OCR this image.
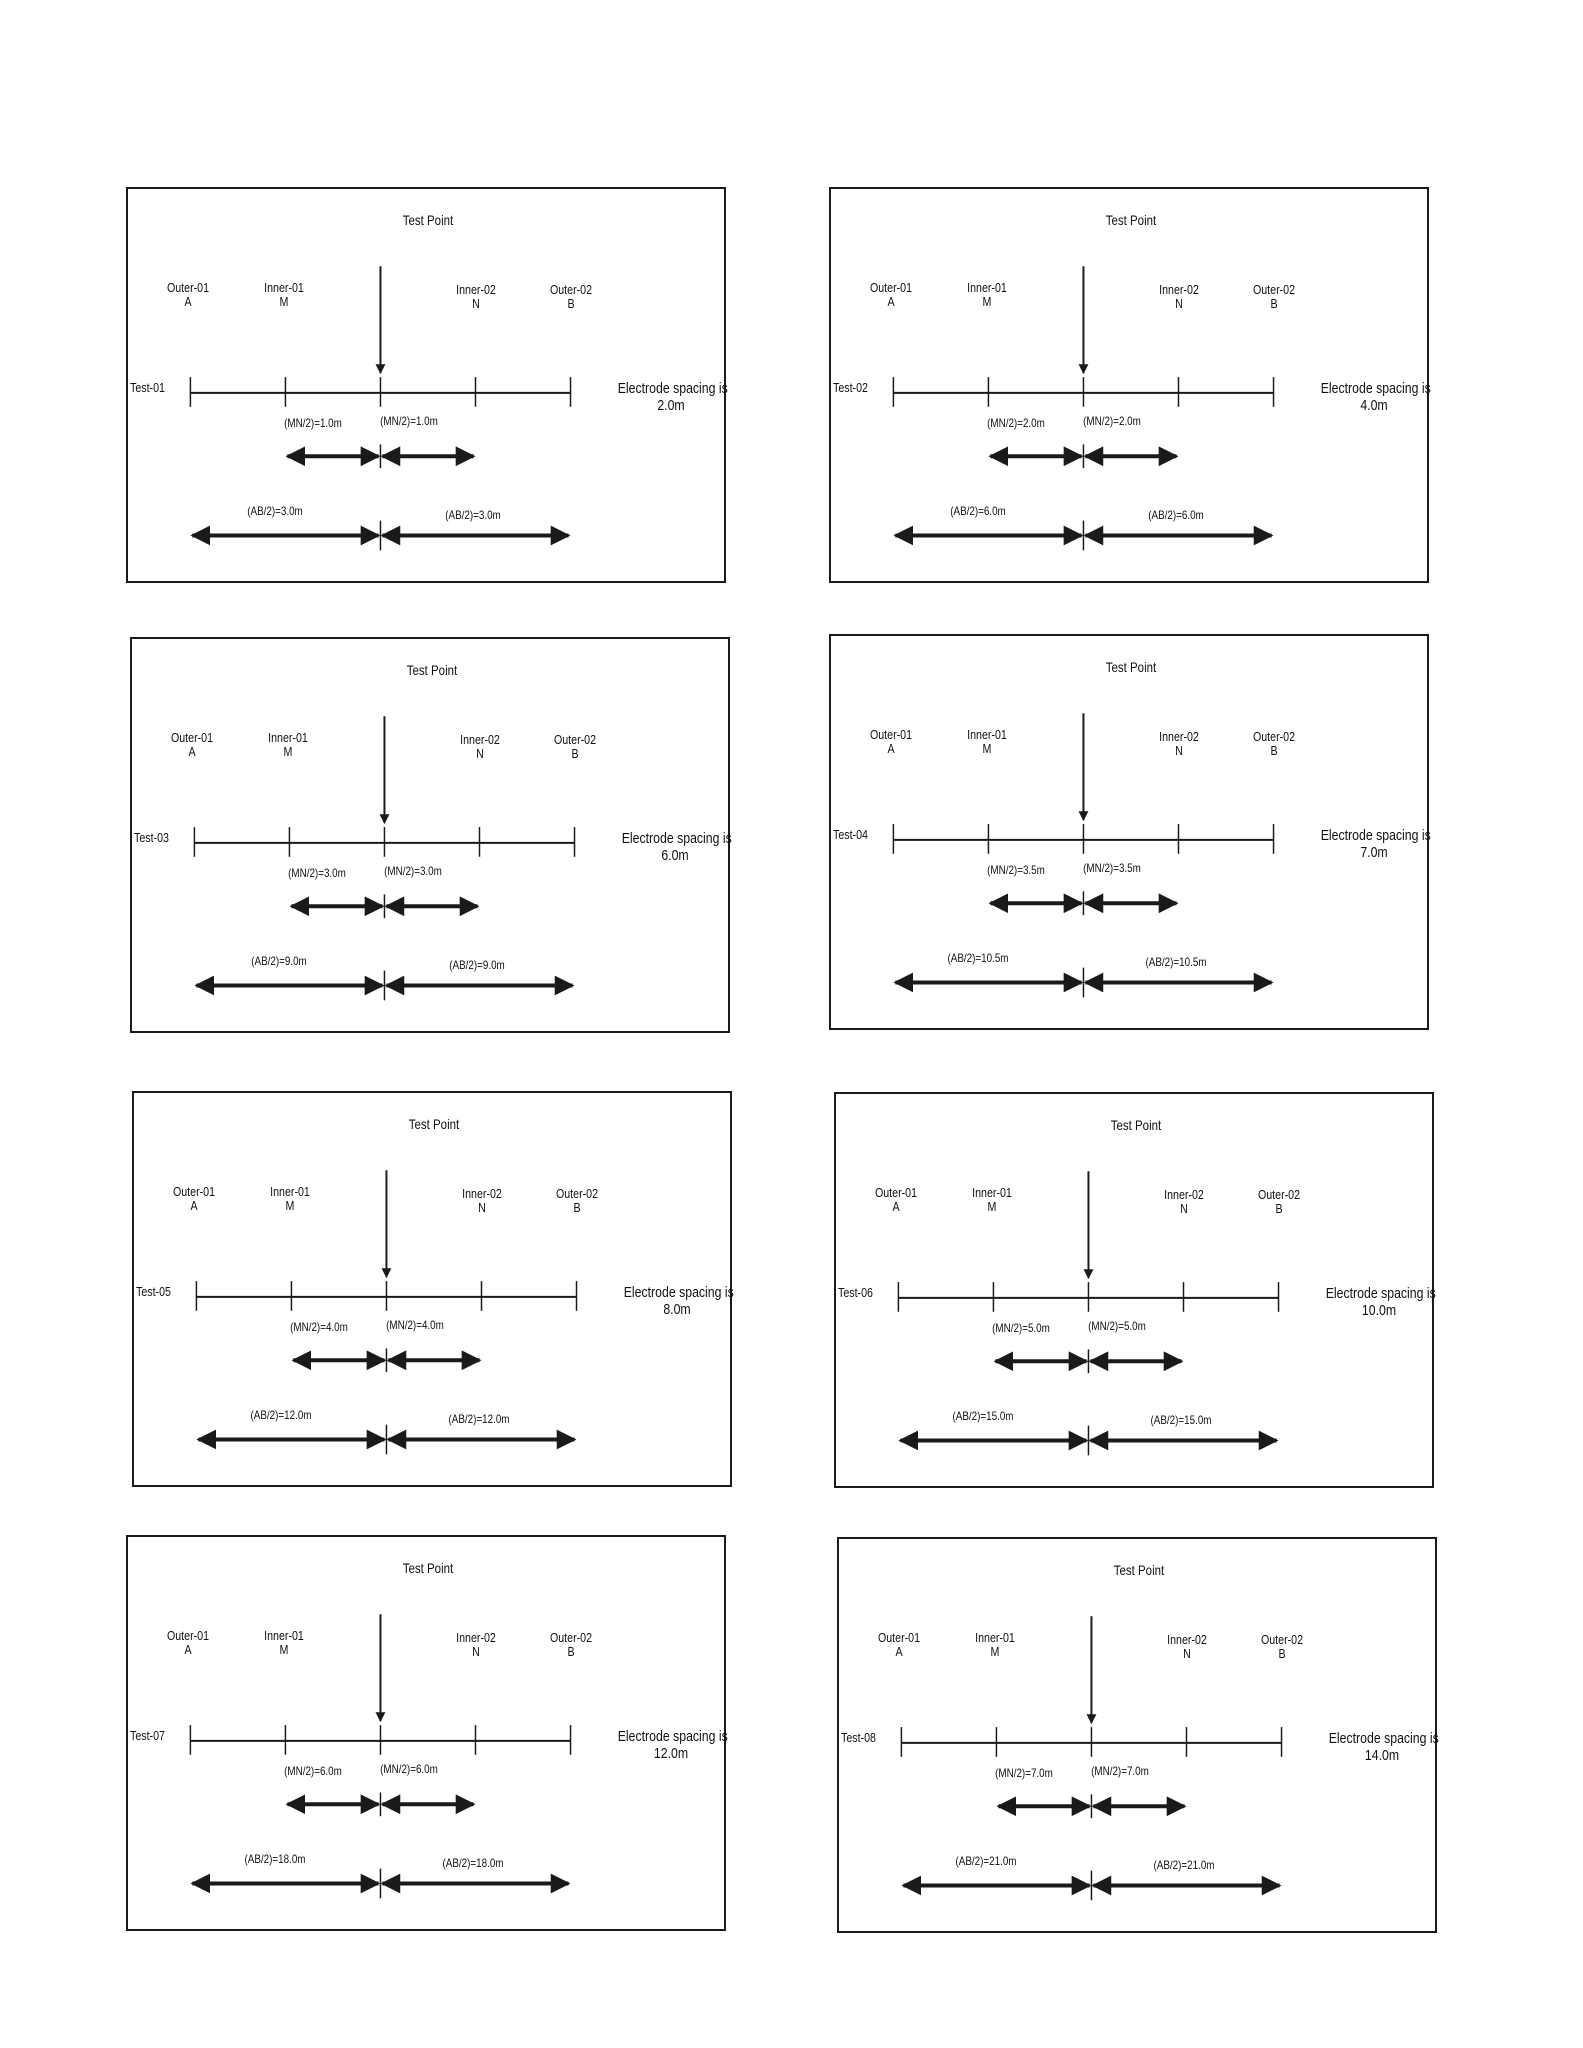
Test Point
Outer-01
A
Inner-01
M
Inner-02
N
Outer-02
B
Test-01	Electrode spacing is
2.0m
(MN/2)=1.0m	(MN/2)=1.0m
(AB/2)=3.0m	(AB/2)=3.0m
Test Point
Outer-01
A
Inner-01
M
Inner-02
N
Outer-02
B
Test-02	Electrode spacing is
4.0m
(MN/2)=2.0m	(MN/2)=2.0m
(AB/2)=6.0m	(AB/2)=6.0m
Test Point
Outer-01
A
Inner-01
M
Inner-02
N
Outer-02
B
Test-03	Electrode spacing is
6.0m
(MN/2)=3.0m	(MN/2)=3.0m
(AB/2)=9.0m	(AB/2)=9.0m
Test Point
Outer-01
A
Inner-01
M
Inner-02
N
Outer-02
B
Test-04	Electrode spacing is
7.0m
(MN/2)=3.5m	(MN/2)=3.5m
(AB/2)=10.5m	(AB/2)=10.5m
Test Point
Outer-01
A
Inner-01
M
Inner-02
N
Outer-02
B
Test-05	Electrode spacing is
8.0m
(MN/2)=4.0m	(MN/2)=4.0m
(AB/2)=12.0m	(AB/2)=12.0m
Test Point
Outer-01
A
Inner-01
M
Inner-02
N
Outer-02
B
Test-06	Electrode spacing is
10.0m
(MN/2)=5.0m	(MN/2)=5.0m
(AB/2)=15.0m	(AB/2)=15.0m
Test Point
Outer-01
A
Inner-01
M
Inner-02
N
Outer-02
B
Test-07	Electrode spacing is
12.0m
(MN/2)=6.0m	(MN/2)=6.0m
(AB/2)=18.0m	(AB/2)=18.0m
Test Point
Outer-01
A
Inner-01
M
Inner-02
N
Outer-02
B
Test-08	Electrode spacing is
14.0m
(MN/2)=7.0m	(MN/2)=7.0m
(AB/2)=21.0m	(AB/2)=21.0m
